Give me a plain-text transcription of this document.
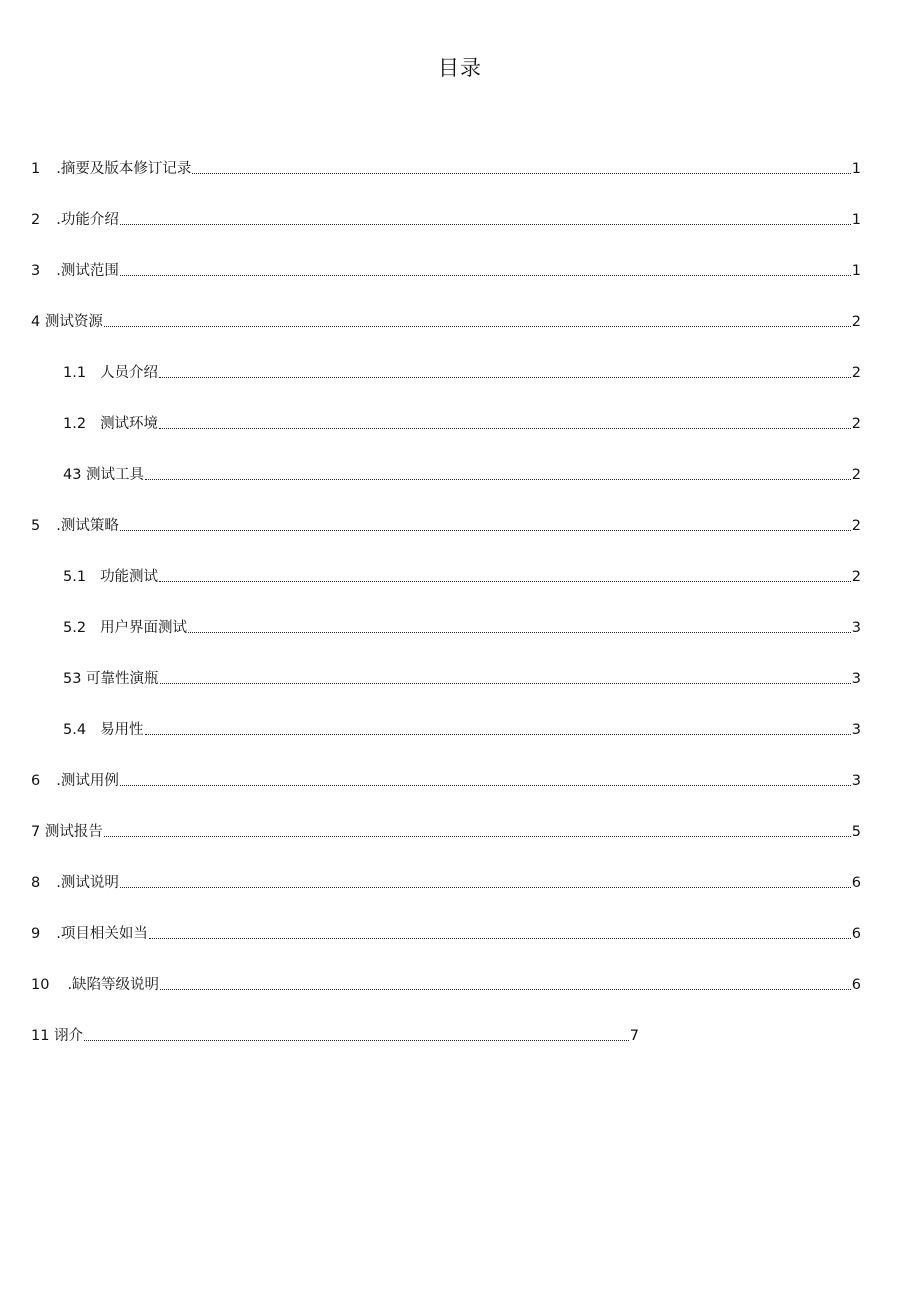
目录
1 .摘要及版本修订记录	1
2 .功能介绍	1
3 .测试范围	1
4 测试资源	2
1.1 人员介绍	2
1.2 测试环境	2
43 测试工具	2
5 .测试策略	2
5.1 功能测试	2
5.2 用户界面测试	3
53 可靠性演瓶	3
5.4 易用性	3
6 .测试用例	3
7 测试报告	5
8 .测试说明	6
9 .项目相关如当	6
10 .缺陷等级说明	6
11 诩介	7
